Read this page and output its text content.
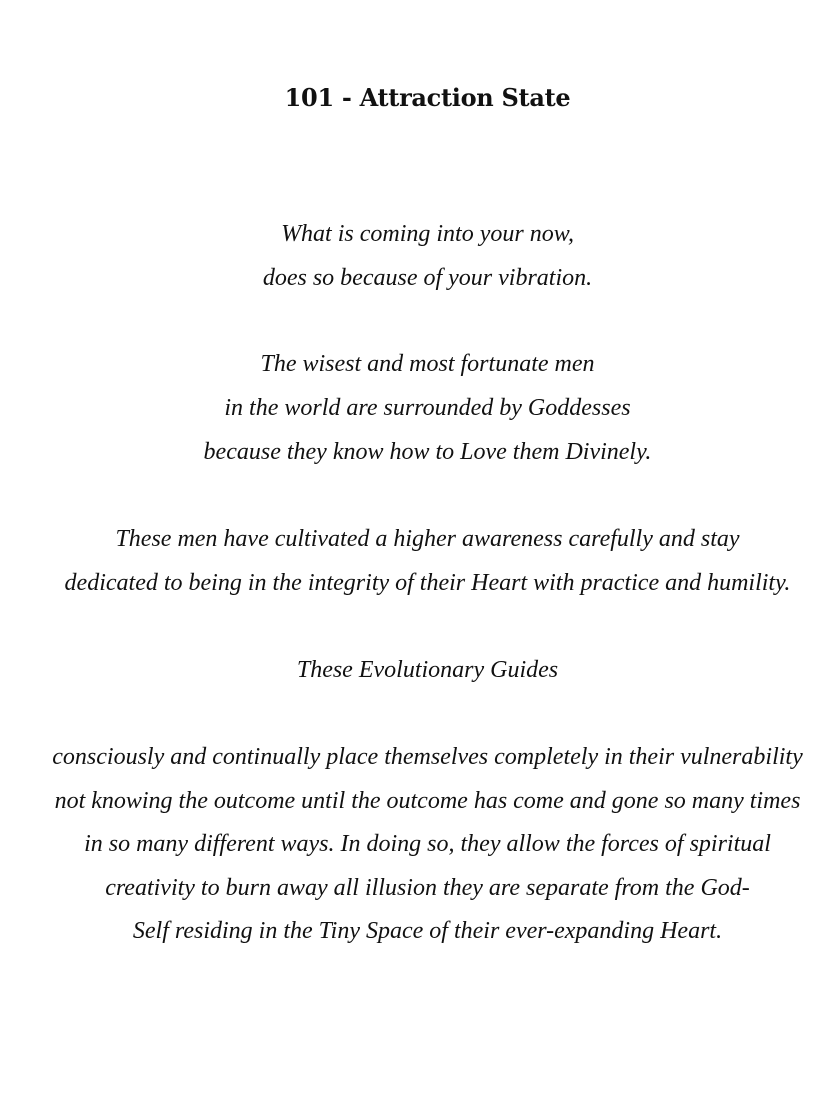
101 - Attraction State

What is coming into your now,

does so because of your vibration.

The wisest and most fortunate men

in the world are surrounded by Goddesses

because they know how to Love them Divinely.

These men have cultivated a higher awareness carefully and stay

dedicated to being in the integrity of their Heart with practice and humility.

These Evolutionary Guides

consciously and continually place themselves completely in their vulnerability

not knowing the outcome until the outcome has come and gone so many times

in so many different ways. In doing so, they allow the forces of spiritual

creativity to burn away all illusion they are separate from the God-

Self residing in the Tiny Space of their ever-expanding Heart.
